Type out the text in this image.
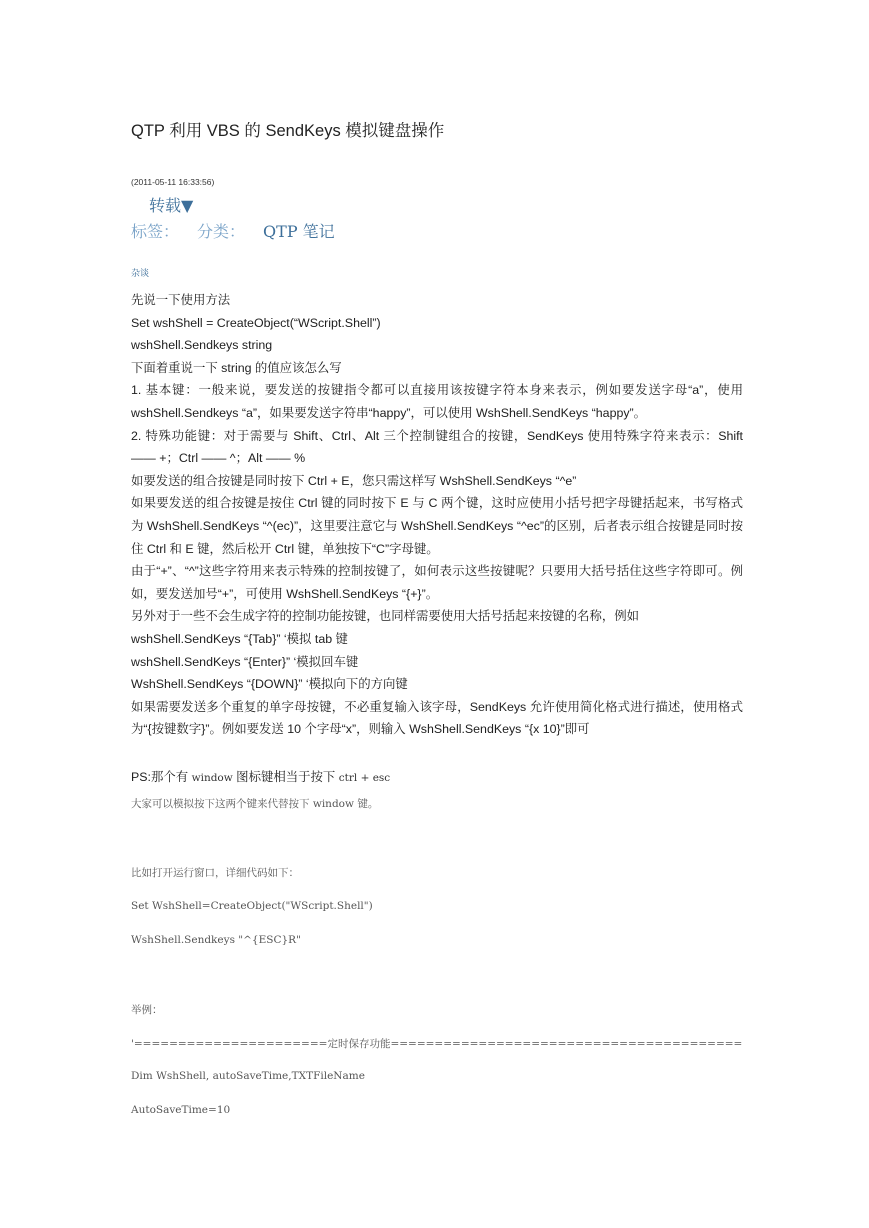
QTP 利用 VBS 的 SendKeys 模拟键盘操作
(2011-05-11 16:33:56)
转载▼
标签： 分类： QTP 笔记
杂谈

先说一下使用方法

Set wshShell = CreateObject(“WScript.Shell”)

wshShell.Sendkeys string

下面着重说一下 string 的值应该怎么写

1. 基本键：一般来说，要发送的按键指令都可以直接用该按键字符本身来表示，例如要发送字母“a”，使用 wshShell.Sendkeys “a”，如果要发送字符串“happy”，可以使用 WshShell.SendKeys “happy”。

2. 特殊功能键：对于需要与 Shift、Ctrl、Alt 三个控制键组合的按键，SendKeys 使用特殊字符来表示：Shift —— +；Ctrl —— ^；Alt —— %

如要发送的组合按键是同时按下 Ctrl + E，您只需这样写 WshShell.SendKeys “^e”

如果要发送的组合按键是按住 Ctrl 键的同时按下 E 与 C 两个键，这时应使用小括号把字母键括起来，书写格式为 WshShell.SendKeys “^(ec)”，这里要注意它与 WshShell.SendKeys “^ec”的区别，后者表示组合按键是同时按住 Ctrl 和 E 键，然后松开 Ctrl 键，单独按下“C”字母键。

由于“+”、“^”这些字符用来表示特殊的控制按键了，如何表示这些按键呢？只要用大括号括住这些字符即可。例如，要发送加号“+”，可使用 WshShell.SendKeys “{+}”。

另外对于一些不会生成字符的控制功能按键，也同样需要使用大括号括起来按键的名称，例如

wshShell.SendKeys “{Tab}” ‘模拟 tab 键

wshShell.SendKeys “{Enter}” ‘模拟回车键

WshShell.SendKeys “{DOWN}” ‘模拟向下的方向键

如果需要发送多个重复的单字母按键，不必重复输入该字母，SendKeys 允许使用简化格式进行描述，使用格式为“{按键数字}”。例如要发送 10 个字母“x”，则输入 WshShell.SendKeys “{x 10}”即可

PS:那个有 window 图标键相当于按下 ctrl + esc
大家可以模拟按下这两个键来代替按下 window 键。
比如打开运行窗口，详细代码如下：
Set WshShell=CreateObject("WScript.Shell")
WshShell.Sendkeys "^{ESC}R"
举例：
'======================定时保存功能========================================
Dim WshShell, autoSaveTime,TXTFileName
AutoSaveTime=10
